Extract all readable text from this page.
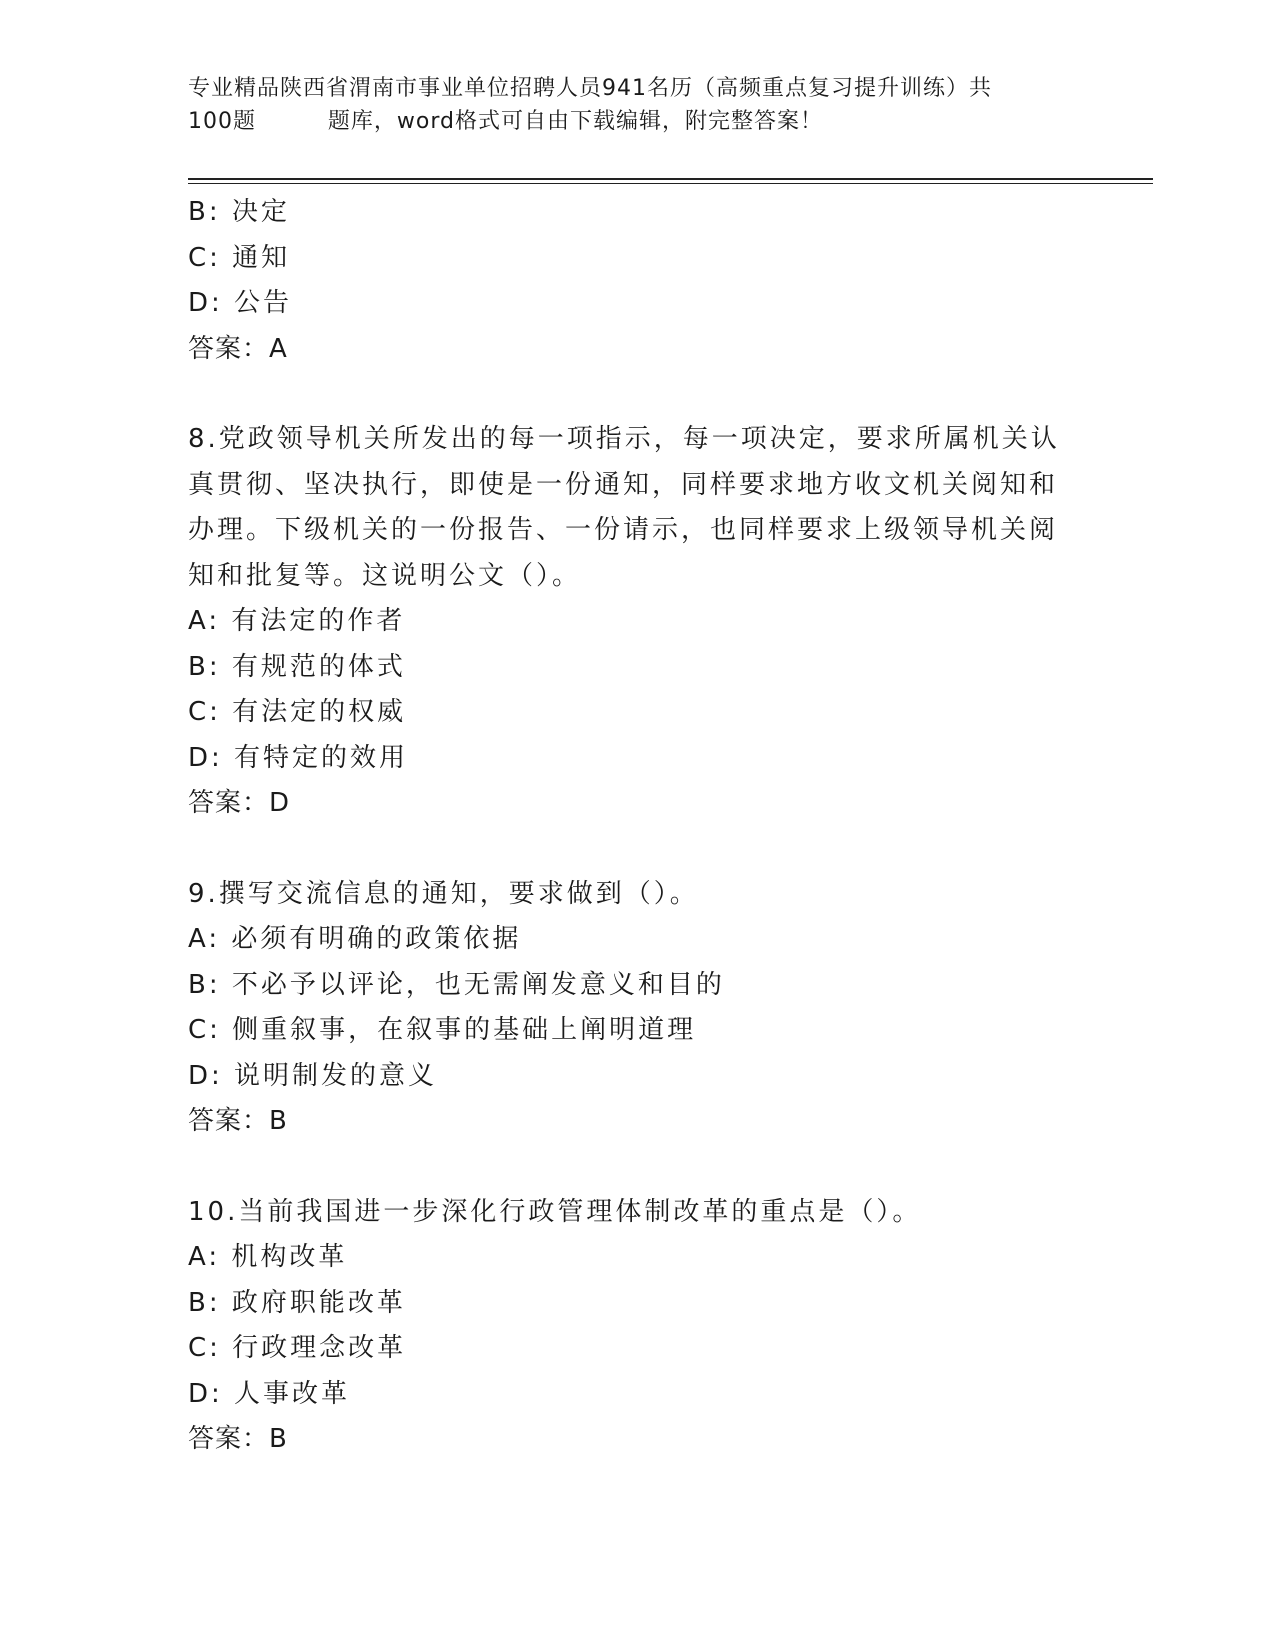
专业精品陕西省渭南市事业单位招聘人员941名历（高频重点复习提升训练）共
100题         题库，word格式可自由下载编辑，附完整答案！
B: 决定
C: 通知
D: 公告
答案：A
8.党政领导机关所发出的每一项指示，每一项决定，要求所属机关认
真贯彻、坚决执行，即使是一份通知，同样要求地方收文机关阅知和
办理。下级机关的一份报告、一份请示，也同样要求上级领导机关阅
知和批复等。这说明公文（）。
A: 有法定的作者
B: 有规范的体式
C: 有法定的权威
D: 有特定的效用
答案：D
9.撰写交流信息的通知，要求做到（）。
A: 必须有明确的政策依据
B: 不必予以评论，也无需阐发意义和目的
C: 侧重叙事，在叙事的基础上阐明道理
D: 说明制发的意义
答案：B
10.当前我国进一步深化行政管理体制改革的重点是（）。
A: 机构改革
B: 政府职能改革
C: 行政理念改革
D: 人事改革
答案：B
